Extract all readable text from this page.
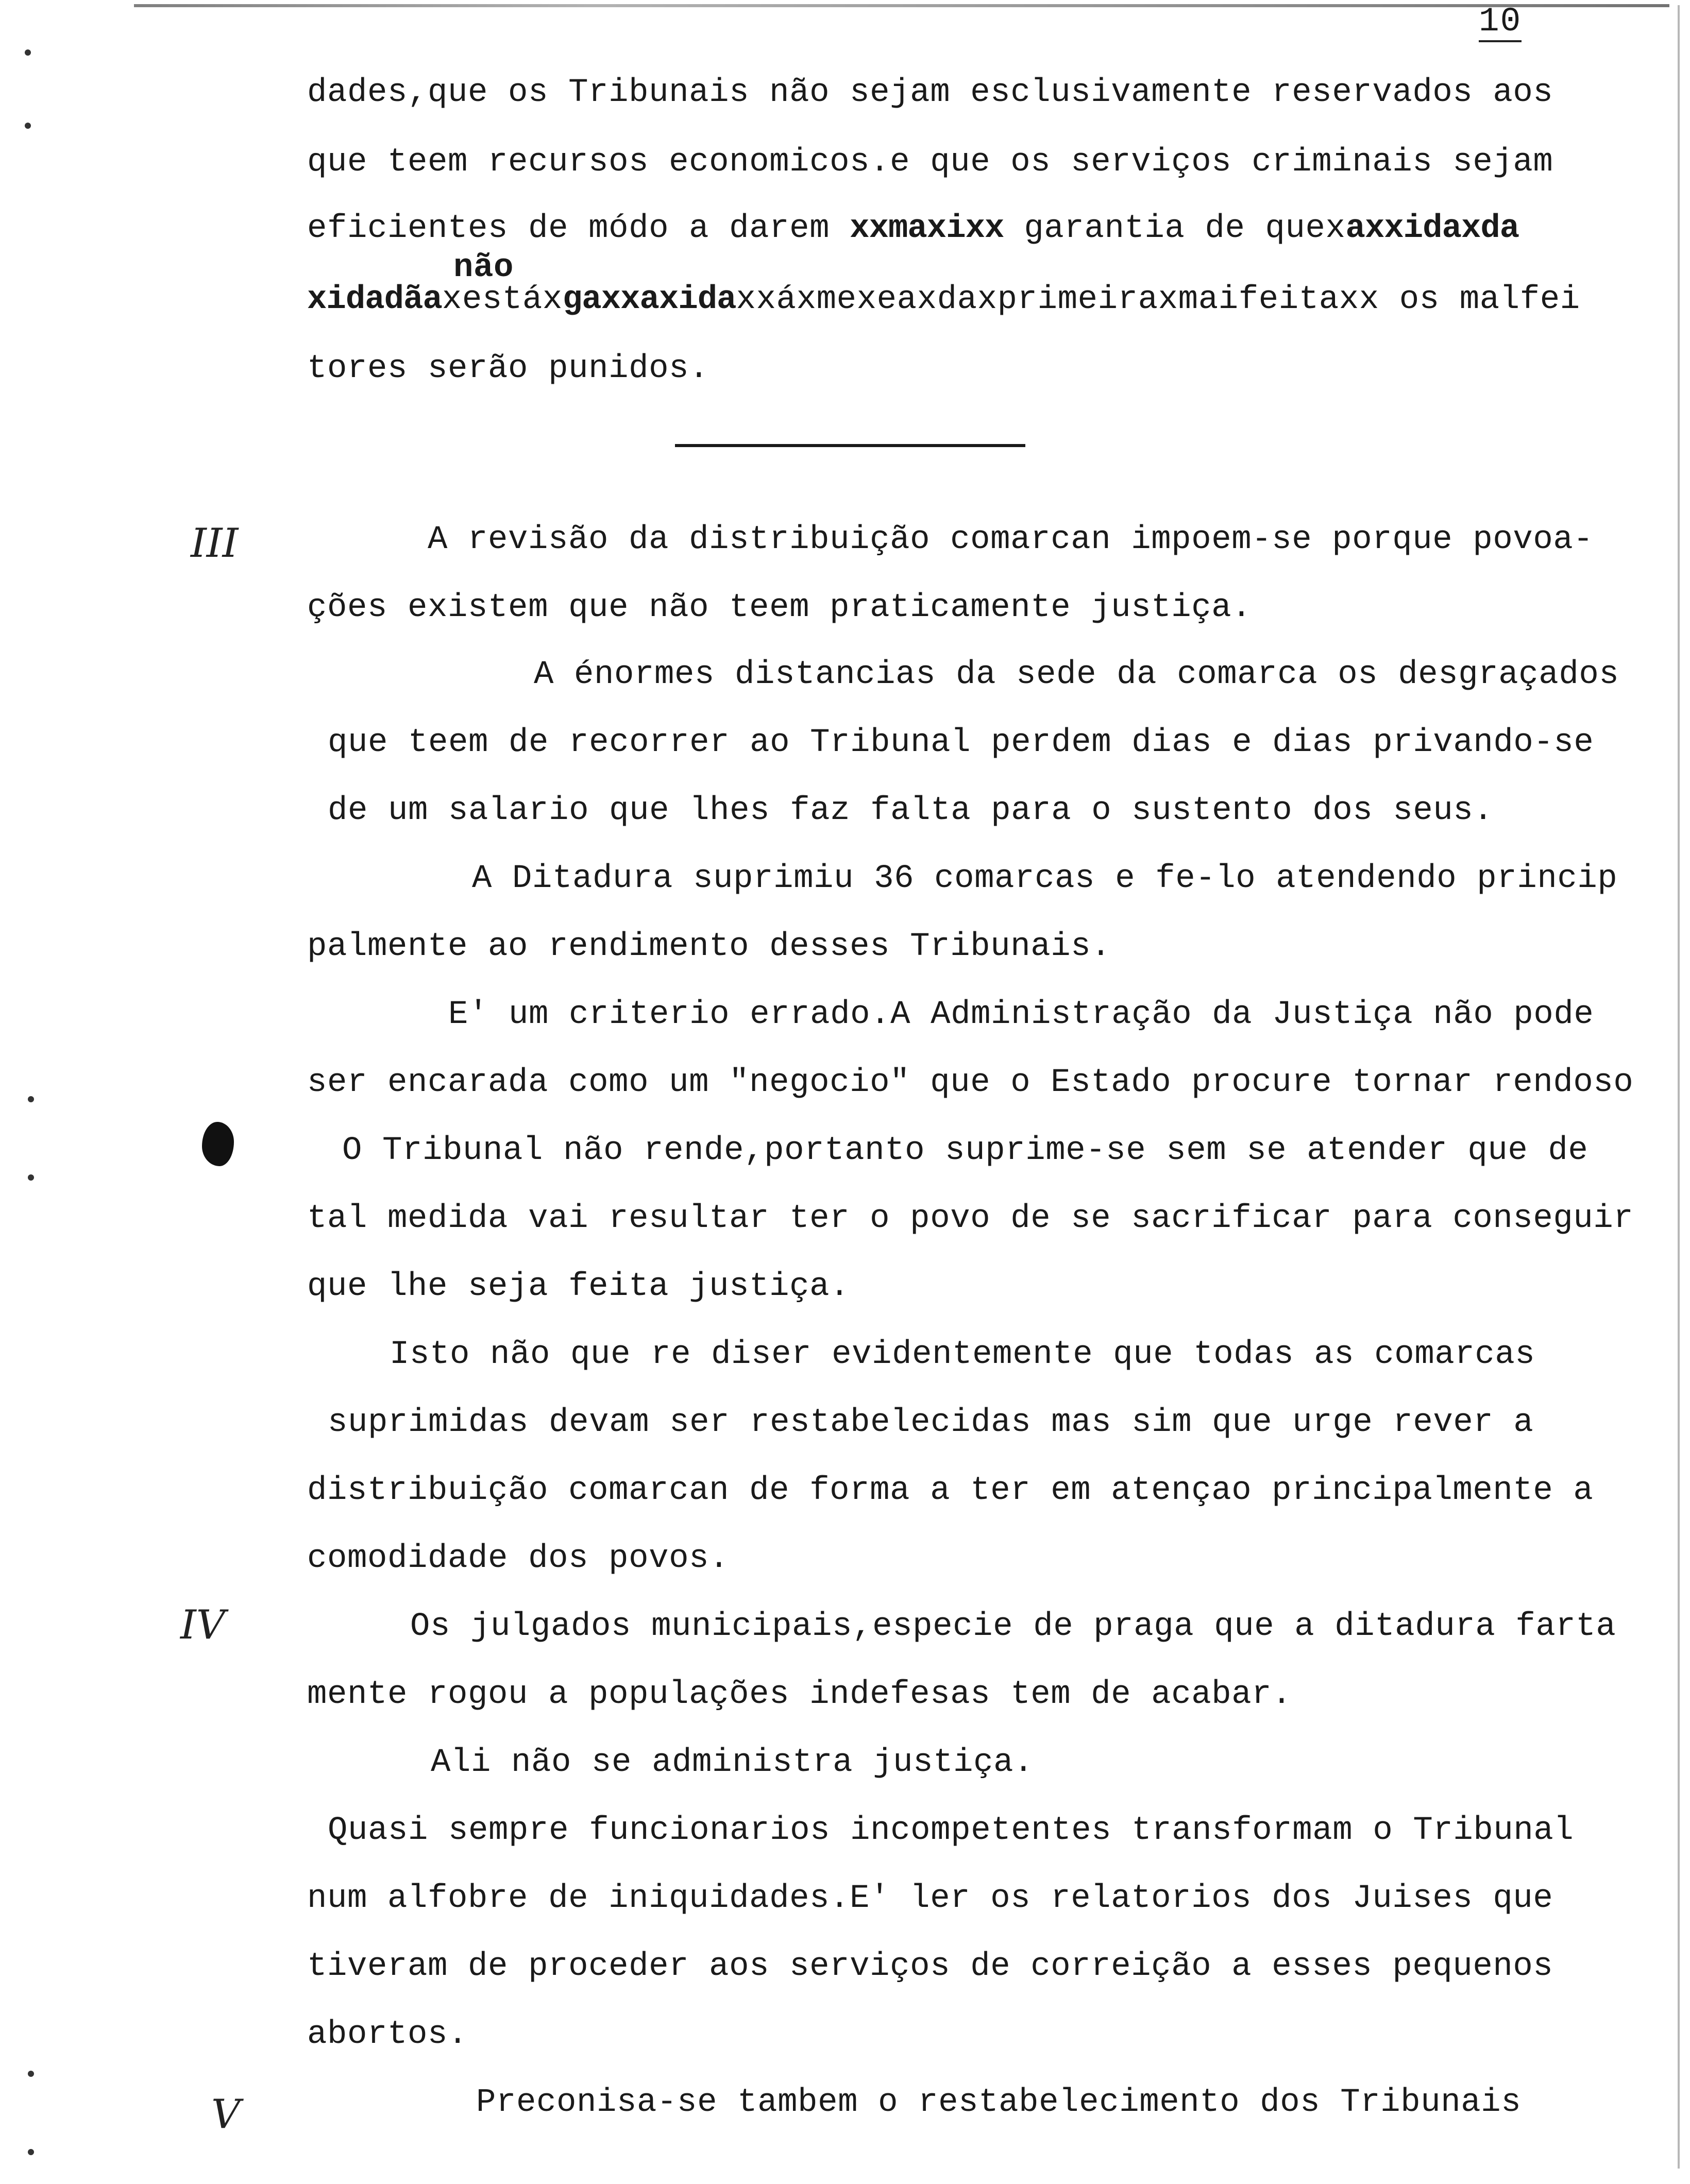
10
dades,que os Tribunais não sejam esclusivamente reservados aos
que teem recursos economicos.e que os serviços criminais sejam
eficientes de módo a darem xxmaxixx garantia de quexaxxidaxda
não
xidadãaxestáxgaxxaxidaxxáxmexeaxdaxprimeiraxmaifeitaxx os malfei
tores serão punidos.
A revisão da distribuição comarcan impoem-se porque povoa-
ções existem que não teem praticamente justiça.
A énormes distancias da sede da comarca os desgraçados
que teem de recorrer ao Tribunal perdem dias e dias privando-se
de um salario que lhes faz falta para o sustento dos seus.
A Ditadura suprimiu 36 comarcas e fe-lo atendendo princip
palmente ao rendimento desses Tribunais.
E' um criterio errado.A Administração da Justiça não pode
ser encarada como um "negocio" que o Estado procure tornar rendoso
O Tribunal não rende,portanto suprime-se sem se atender que de
tal medida vai resultar ter o povo de se sacrificar para conseguir
que lhe seja feita justiça.
Isto não que re diser evidentemente que todas as comarcas
suprimidas devam ser restabelecidas mas sim que urge rever a
distribuição comarcan de forma a ter em atençao principalmente a
comodidade dos povos.
Os julgados municipais,especie de praga que a ditadura farta
mente rogou a populações indefesas tem de acabar.
Ali não se administra justiça.
Quasi sempre funcionarios incompetentes transformam o Tribunal
num alfobre de iniquidades.E' ler os relatorios dos Juises que
tiveram de proceder aos serviços de correição a esses pequenos
abortos.
Preconisa-se tambem o restabelecimento dos Tribunais
III
IV
V
